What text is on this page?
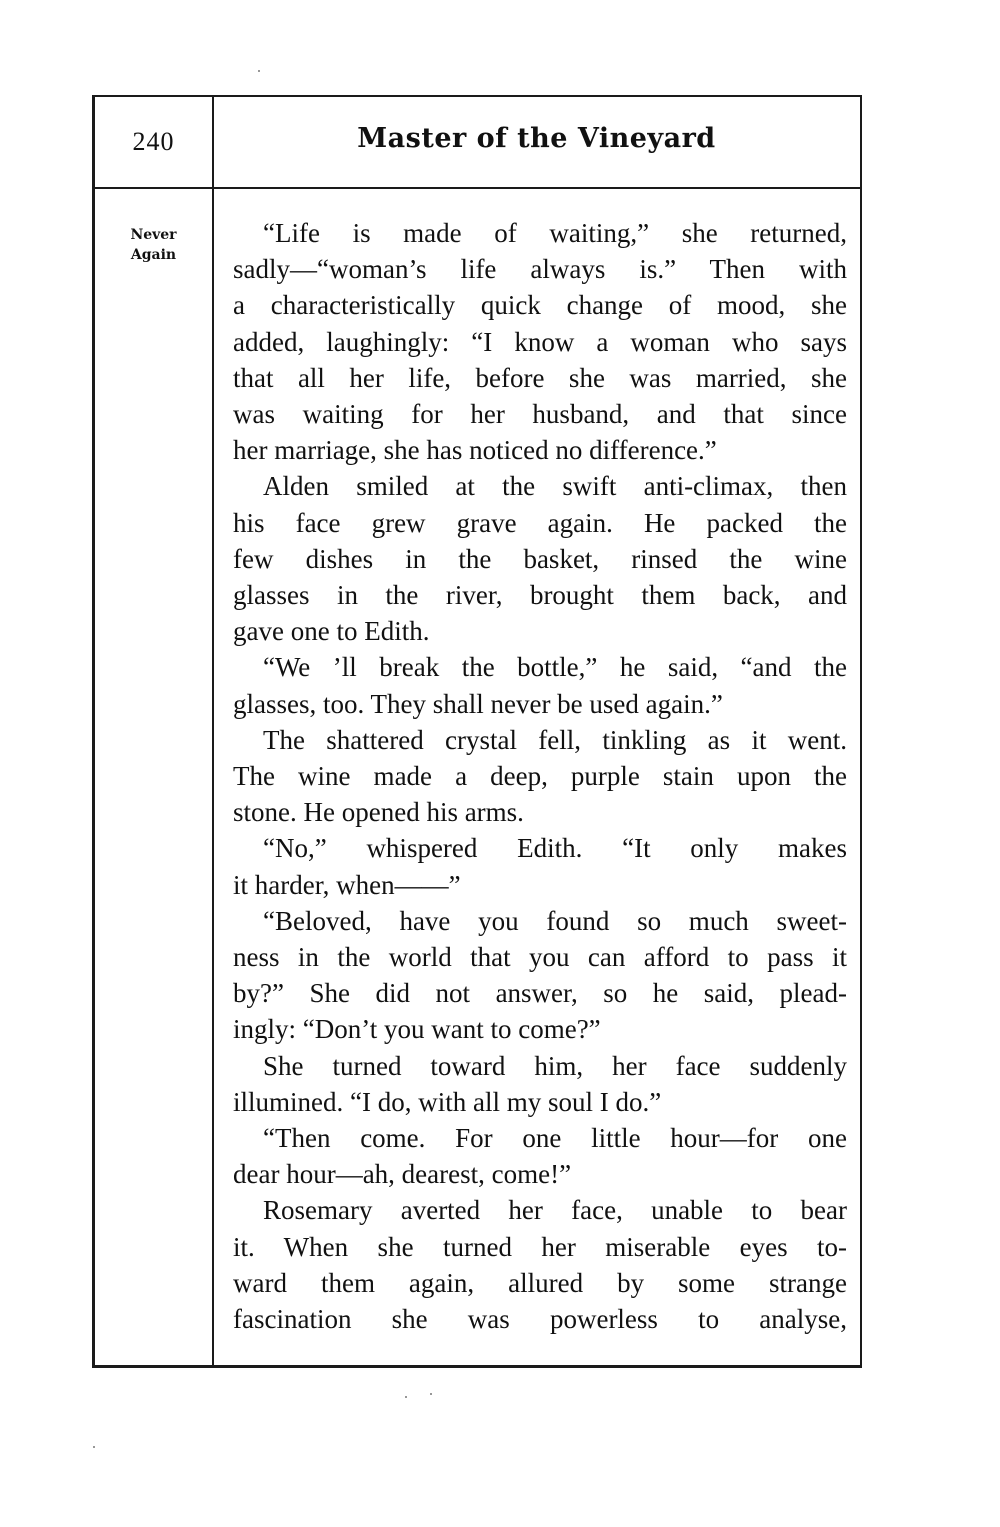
240	Master of the Vineyard
Never
Again
“Life is made of waiting,” she returned,
sadly—“woman’s life always is.” Then with
a characteristically quick change of mood, she
added, laughingly: “I know a woman who says
that all her life, before she was married, she
was waiting for her husband, and that since
her marriage, she has noticed no difference.”
Alden smiled at the swift anti-climax, then
his face grew grave again. He packed the
few dishes in the basket, rinsed the wine
glasses in the river, brought them back, and
gave one to Edith.
“We ’ll break the bottle,” he said, “and the
glasses, too. They shall never be used again.”
The shattered crystal fell, tinkling as it went.
The wine made a deep, purple stain upon the
stone. He opened his arms.
“No,” whispered Edith. “It only makes
it harder, when——”
“Beloved, have you found so much sweet-
ness in the world that you can afford to pass it
by?” She did not answer, so he said, plead-
ingly: “Don’t you want to come?”
She turned toward him, her face suddenly
illumined. “I do, with all my soul I do.”
“Then come. For one little hour—for one
dear hour—ah, dearest, come!”
Rosemary averted her face, unable to bear
it. When she turned her miserable eyes to-
ward them again, allured by some strange
fascination she was powerless to analyse,
